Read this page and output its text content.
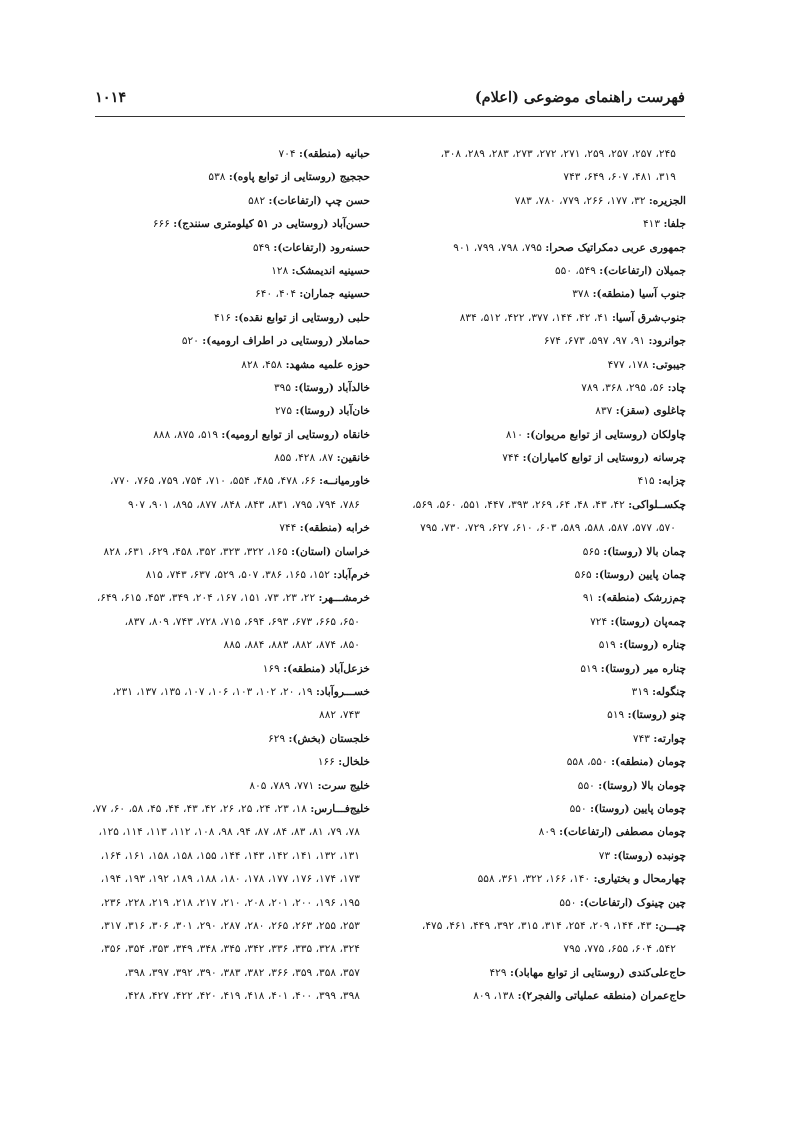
فهرست راهنمای موضوعی (اعلام)
۱۰۱۴
۲۴۵، ۲۵۷، ۲۵۷، ۲۵۹، ۲۷۱، ۲۷۲، ۲۷۳، ۲۸۳، ۲۸۹، ۳۰۸،
۳۱۹، ۴۸۱، ۶۰۷، ۶۴۹، ۷۴۳
الجزیره: ۳۲، ۱۷۷، ۲۶۶، ۷۷۹، ۷۸۰، ۷۸۳
جلفا: ۴۱۳
جمهوری عربی دمکراتیک صحرا: ۷۹۵، ۷۹۸، ۷۹۹، ۹۰۱
جمیلان (ارتفاعات): ۵۴۹، ۵۵۰
جنوب آسیا (منطقه): ۳۷۸
جنوب‌شرق آسیا: ۴۱، ۴۲، ۱۴۴، ۳۷۷، ۴۲۲، ۵۱۲، ۸۳۴
جوانرود: ۹۱، ۹۷، ۵۹۷، ۶۷۳، ۶۷۴
جیبوتی: ۱۷۸، ۴۷۷
چاد: ۵۶، ۲۹۵، ۳۶۸، ۷۸۹
چاغلوی (سقز): ۸۳۷
چاولکان (روستایی از توابع مریوان): ۸۱۰
چرسانه (روستایی از توابع کامیاران): ۷۴۴
چزابه: ۴۱۵
چکســلواکی: ۴۲، ۴۳، ۴۸، ۶۴، ۲۶۹، ۳۹۳، ۴۴۷، ۵۵۱، ۵۶۰، ۵۶۹،
۵۷۰، ۵۷۷، ۵۸۷، ۵۸۸، ۵۸۹، ۶۰۳، ۶۱۰، ۶۲۷، ۷۲۹، ۷۳۰، ۷۹۵
چمان بالا (روستا): ۵۶۵
چمان پایین (روستا): ۵۶۵
چم‌زرشک (منطقه): ۹۱
چمه‌پان (روستا): ۷۲۴
چناره (روستا): ۵۱۹
چناره میر (روستا): ۵۱۹
چنگوله: ۳۱۹
چنو (روستا): ۵۱۹
چوارته: ۷۴۳
چومان (منطقه): ۵۵۰، ۵۵۸
چومان بالا (روستا): ۵۵۰
چومان پایین (روستا): ۵۵۰
چومان مصطفی (ارتفاعات): ۸۰۹
چونبده (روستا): ۷۳
چهارمحال و بختیاری: ۱۴۰، ۱۶۶، ۳۲۲، ۳۶۱، ۵۵۸
چین چینوک (ارتفاعات): ۵۵۰
چیـــن: ۴۳، ۱۴۴، ۲۰۹، ۲۵۴، ۳۱۴، ۳۱۵، ۳۹۲، ۴۴۹، ۴۶۱، ۴۷۵،
۵۴۲، ۶۰۴، ۶۵۵، ۷۷۵، ۷۹۵
حاج‌علی‌کندی (روستایی از توابع مهاباد): ۴۲۹
حاج‌عمران (منطقه عملیاتی والفجر۲): ۱۳۸، ۸۰۹
حبانیه (منطقه): ۷۰۴
حججیج (روستایی از توابع پاوه): ۵۳۸
حسن چپ (ارتفاعات): ۵۸۲
حسن‌آباد (روستایی در ۵۱ کیلومتری سنندج): ۶۶۶
حسنه‌رود (ارتفاعات): ۵۴۹
حسینیه اندیمشک: ۱۲۸
حسینیه جماران: ۴۰۴، ۶۴۰
حلبی (روستایی از توابع نقده): ۴۱۶
حماملار (روستایی در اطراف ارومیه): ۵۲۰
حوزه علمیه مشهد: ۴۵۸، ۸۲۸
خالدآباد (روستا): ۳۹۵
خان‌آباد (روستا): ۲۷۵
خانقاه (روستایی از توابع ارومیه): ۵۱۹، ۸۷۵، ۸۸۸
خانقین: ۸۷، ۴۲۸، ۸۵۵
خاورمیانــه: ۶۶، ۴۷۸، ۴۸۵، ۵۵۴، ۷۱۰، ۷۵۴، ۷۵۹، ۷۶۵، ۷۷۰،
۷۸۶، ۷۹۴، ۷۹۵، ۸۳۱، ۸۴۳، ۸۴۸، ۸۷۷، ۸۹۵، ۹۰۱، ۹۰۷
خرابه (منطقه): ۷۴۴
خراسان (استان): ۱۶۵، ۳۲۲، ۳۲۳، ۳۵۲، ۴۵۸، ۶۲۹، ۶۳۱، ۸۲۸
خرم‌آباد: ۱۵۲، ۱۶۵، ۳۸۶، ۵۰۷، ۵۲۹، ۶۳۷، ۷۴۳، ۸۱۵
خرمشـــهر: ۲۲، ۲۳، ۷۳، ۱۵۱، ۱۶۷، ۲۰۴، ۳۴۹، ۴۵۳، ۶۱۵، ۶۴۹،
۶۵۰، ۶۶۵، ۶۷۳، ۶۹۳، ۶۹۴، ۷۱۵، ۷۲۸، ۷۴۳، ۸۰۹، ۸۳۷،
۸۵۰، ۸۷۴، ۸۸۲، ۸۸۳، ۸۸۴، ۸۸۵
خزعل‌آباد (منطقه): ۱۶۹
خســـروآباد: ۱۹، ۲۰، ۱۰۲، ۱۰۳، ۱۰۶، ۱۰۷، ۱۳۵، ۱۳۷، ۲۳۱،
۷۴۳، ۸۸۲
خلجستان (بخش): ۶۲۹
خلخال: ۱۶۶
خلیج سرت: ۷۷۱، ۷۸۹، ۸۰۵
خلیج‌فـــارس: ۱۸، ۲۳، ۲۴، ۲۵، ۲۶، ۴۲، ۴۳، ۴۴، ۴۵، ۵۸، ۶۰، ۷۷،
۷۸، ۷۹، ۸۱، ۸۳، ۸۴، ۸۷، ۹۴، ۹۸، ۱۰۸، ۱۱۲، ۱۱۳، ۱۱۴، ۱۲۵،
۱۳۱، ۱۳۲، ۱۴۱، ۱۴۲، ۱۴۳، ۱۴۴، ۱۵۵، ۱۵۸، ۱۵۸، ۱۶۱، ۱۶۴،
۱۷۳، ۱۷۴، ۱۷۶، ۱۷۷، ۱۷۸، ۱۸۰، ۱۸۸، ۱۸۹، ۱۹۲، ۱۹۳، ۱۹۴،
۱۹۵، ۱۹۶، ۲۰۰، ۲۰۱، ۲۰۸، ۲۱۰، ۲۱۷، ۲۱۸، ۲۱۹، ۲۲۸، ۲۳۶،
۲۵۳، ۲۵۵، ۲۶۳، ۲۶۵، ۲۸۰، ۲۸۷، ۲۹۰، ۳۰۱، ۳۰۶، ۳۱۶، ۳۱۷،
۳۲۴، ۳۲۸، ۳۳۵، ۳۳۶، ۳۴۲، ۳۴۵، ۳۴۸، ۳۴۹، ۳۵۳، ۳۵۴، ۳۵۶،
۳۵۷، ۳۵۸، ۳۵۹، ۳۶۶، ۳۸۲، ۳۸۳، ۳۹۰، ۳۹۲، ۳۹۷، ۳۹۸،
۳۹۸، ۳۹۹، ۴۰۰، ۴۰۱، ۴۱۸، ۴۱۹، ۴۲۰، ۴۲۲، ۴۲۷، ۴۲۸،
